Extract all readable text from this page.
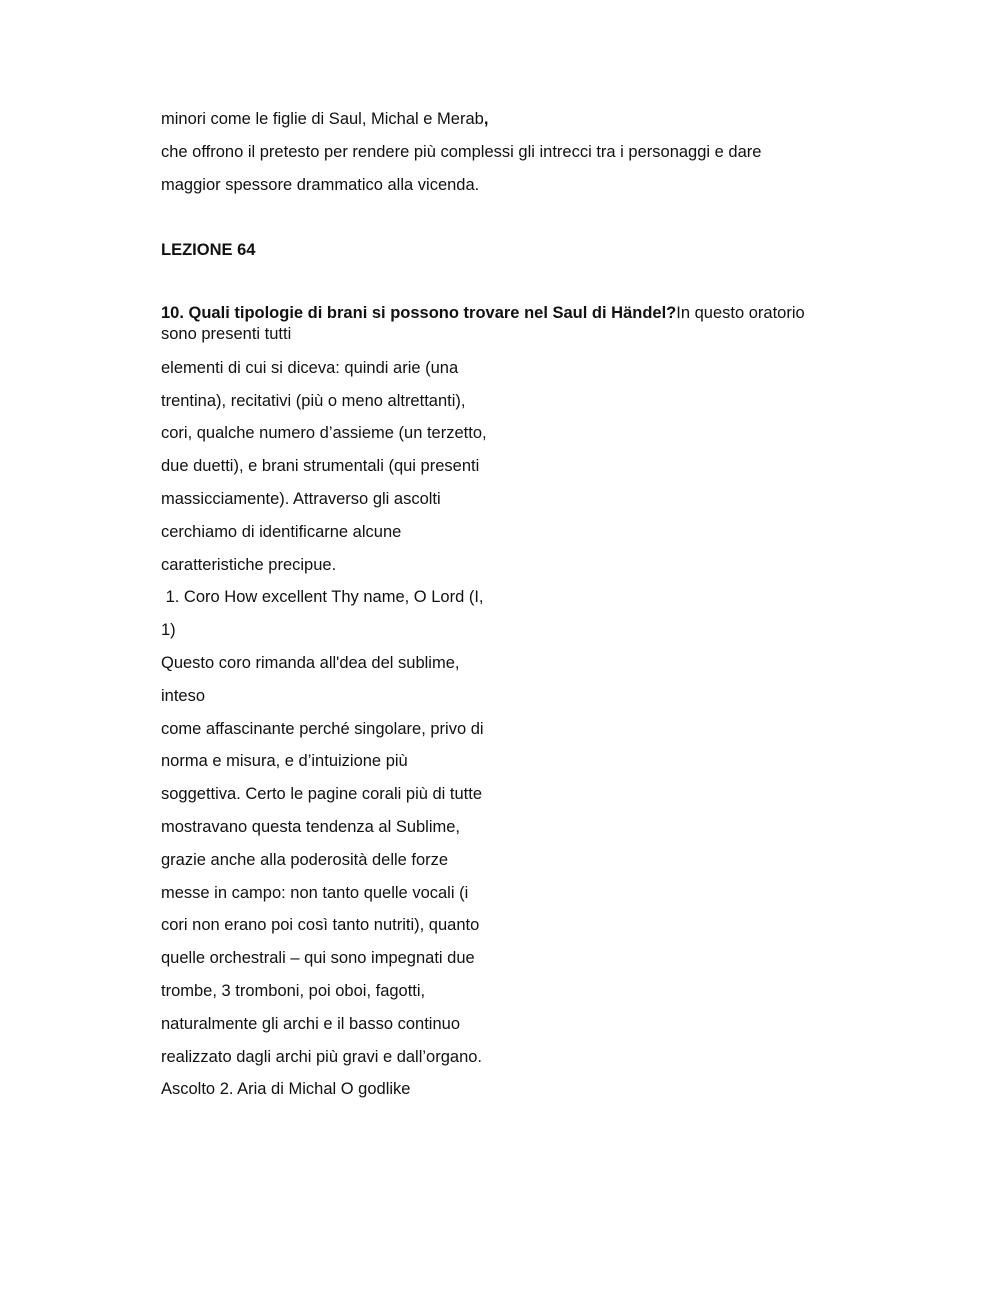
minori come le figlie di Saul, Michal e Merab,
che offrono il pretesto per rendere più complessi gli intrecci tra i personaggi e dare
maggior spessore drammatico alla vicenda.
LEZIONE 64
10. Quali tipologie di brani si possono trovare nel Saul di Händel?In questo oratorio
sono presenti tutti
elementi di cui si diceva: quindi arie (una
trentina), recitativi (più o meno altrettanti),
cori, qualche numero d’assieme (un terzetto,
due duetti), e brani strumentali (qui presenti
massicciamente). Attraverso gli ascolti
cerchiamo di identificarne alcune
caratteristiche precipue.
1. Coro How excellent Thy name, O Lord (I,
1)
Questo coro rimanda all'dea del sublime,
inteso
come affascinante perché singolare, privo di
norma e misura, e d’intuizione più
soggettiva. Certo le pagine corali più di tutte
mostravano questa tendenza al Sublime,
grazie anche alla poderosità delle forze
messe in campo: non tanto quelle vocali (i
cori non erano poi così tanto nutriti), quanto
quelle orchestrali – qui sono impegnati due
trombe, 3 tromboni, poi oboi, fagotti,
naturalmente gli archi e il basso continuo
realizzato dagli archi più gravi e dall’organo.
Ascolto 2. Aria di Michal O godlike
